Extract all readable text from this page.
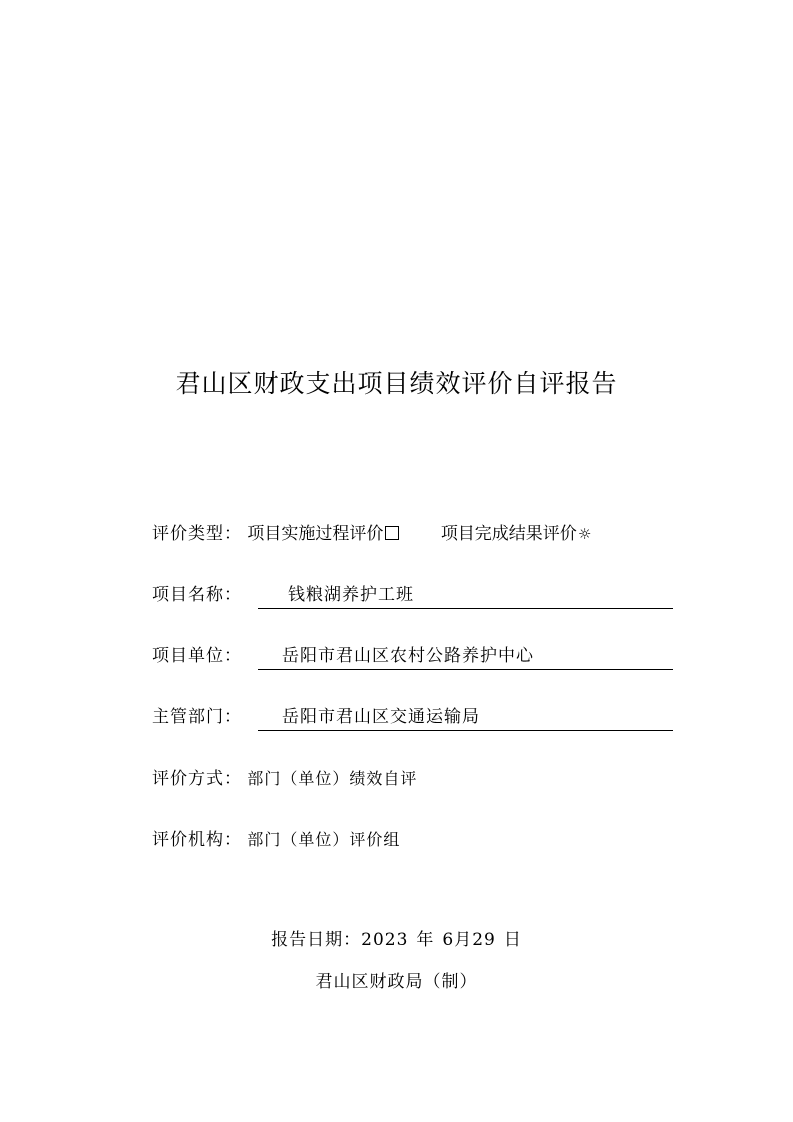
君山区财政支出项目绩效评价自评报告
评价类型： 项目实施过程评价	项目完成结果评价☼
项目名称：	钱粮湖养护工班
项目单位：	岳阳市君山区农村公路养护中心
主管部门：	岳阳市君山区交通运输局
评价方式： 部门（单位）绩效自评
评价机构： 部门（单位）评价组
报告日期：2023 年 6月29 日
君山区财政局（制）
